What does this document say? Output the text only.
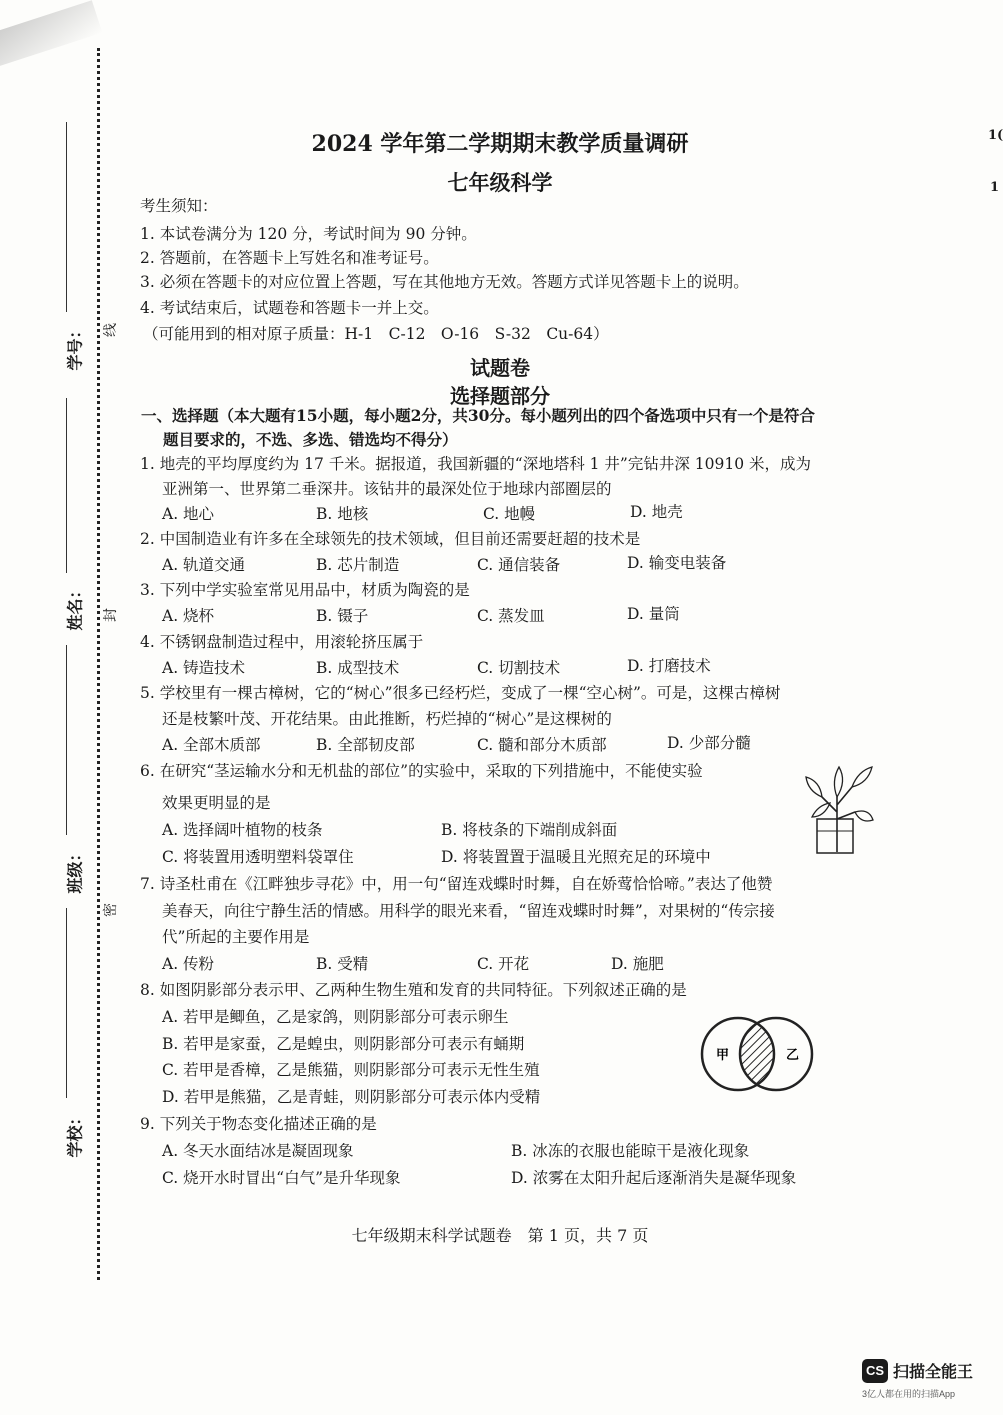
学号：
姓名：
班级：
学校：
线
封
密
1(
1
2024 学年第二学期期末教学质量调研
七年级科学
考生须知：
1. 本试卷满分为 120 分，考试时间为 90 分钟。
2. 答题前，在答题卡上写姓名和准考证号。
3. 必须在答题卡的对应位置上答题，写在其他地方无效。答题方式详见答题卡上的说明。
4. 考试结束后，试题卷和答题卡一并上交。
（可能用到的相对原子质量：H-1　C-12　O-16　S-32　Cu-64）
试题卷
选择题部分
一、选择题（本大题有15小题，每小题2分，共30分。每小题列出的四个备选项中只有一个是符合
题目要求的，不选、多选、错选均不得分）
1. 地壳的平均厚度约为 17 千米。据报道，我国新疆的“深地塔科 1 井”完钻井深 10910 米，成为
亚洲第一、世界第二垂深井。该钻井的最深处位于地球内部圈层的
A. 地心	B. 地核	C. 地幔	D. 地壳
2. 中国制造业有许多在全球领先的技术领域，但目前还需要赶超的技术是
A. 轨道交通	B. 芯片制造	C. 通信装备	D. 输变电装备
3. 下列中学实验室常见用品中，材质为陶瓷的是
A. 烧杯	B. 镊子	C. 蒸发皿	D. 量筒
4. 不锈钢盘制造过程中，用滚轮挤压属于
A. 铸造技术	B. 成型技术	C. 切割技术	D. 打磨技术
5. 学校里有一棵古樟树，它的“树心”很多已经朽烂，变成了一棵“空心树”。可是，这棵古樟树
还是枝繁叶茂、开花结果。由此推断，朽烂掉的“树心”是这棵树的
A. 全部木质部	B. 全部韧皮部	C. 髓和部分木质部	D. 少部分髓
6. 在研究“茎运输水分和无机盐的部位”的实验中，采取的下列措施中，不能使实验
效果更明显的是
A. 选择阔叶植物的枝条	B. 将枝条的下端削成斜面
C. 将装置用透明塑料袋罩住	D. 将装置置于温暖且光照充足的环境中
7. 诗圣杜甫在《江畔独步寻花》中，用一句“留连戏蝶时时舞，自在娇莺恰恰啼。”表达了他赞
美春天，向往宁静生活的情感。用科学的眼光来看，“留连戏蝶时时舞”，对果树的“传宗接
代”所起的主要作用是
A. 传粉	B. 受精	C. 开花	D. 施肥
8. 如图阴影部分表示甲、乙两种生物生殖和发育的共同特征。下列叙述正确的是
A. 若甲是鲫鱼，乙是家鸽，则阴影部分可表示卵生
B. 若甲是家蚕，乙是蝗虫，则阴影部分可表示有蛹期
C. 若甲是香樟，乙是熊猫，则阴影部分可表示无性生殖
D. 若甲是熊猫，乙是青蛙，则阴影部分可表示体内受精
甲	乙
9. 下列关于物态变化描述正确的是
A. 冬天水面结冰是凝固现象	B. 冰冻的衣服也能晾干是液化现象
C. 烧开水时冒出“白气”是升华现象	D. 浓雾在太阳升起后逐渐消失是凝华现象
七年级期末科学试题卷　第 1 页，共 7 页
CS 扫描全能王
3亿人都在用的扫描App
